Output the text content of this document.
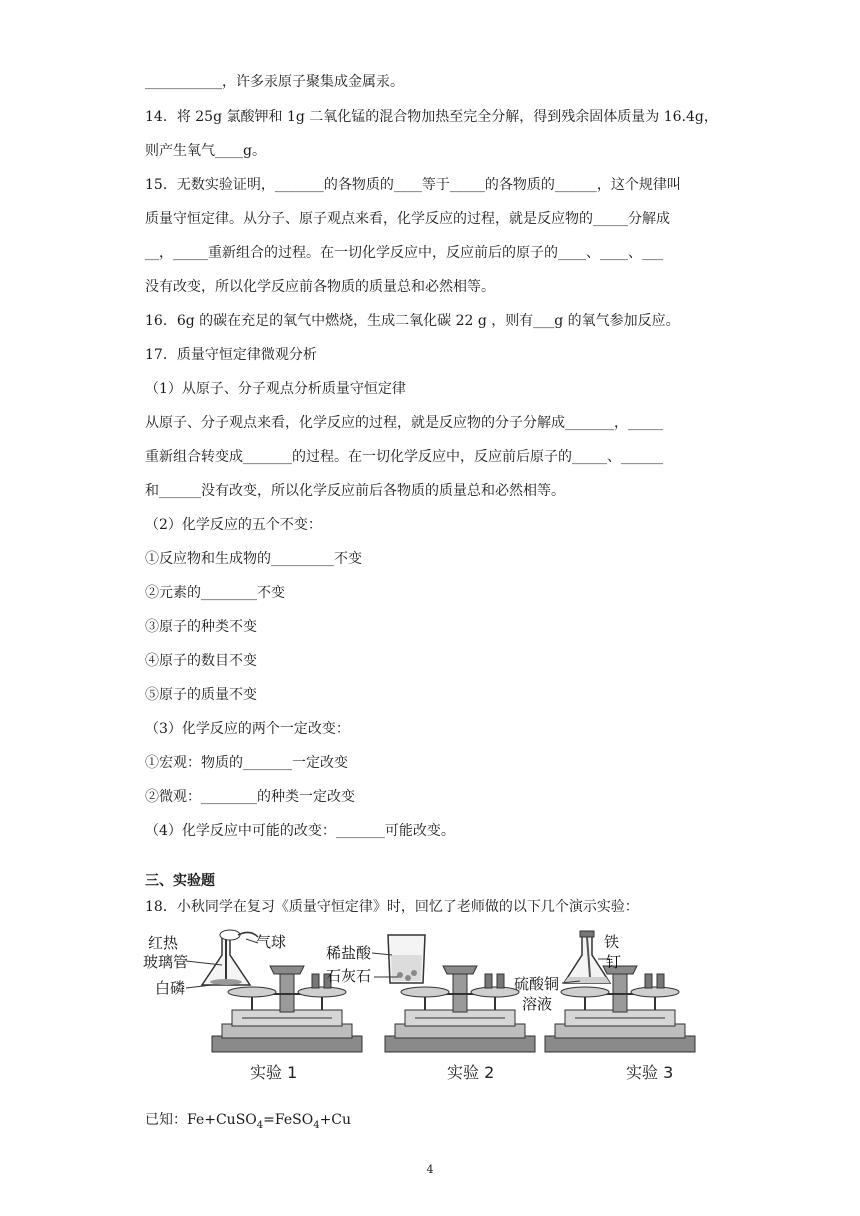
___________，许多汞原子聚集成金属汞。
14．将 25g 氯酸钾和 1g 二氧化锰的混合物加热至完全分解，得到残余固体质量为 16.4g，
则产生氧气____g。
15．无数实验证明，_______的各物质的____等于_____的各物质的______，这个规律叫
质量守恒定律。从分子、原子观点来看，化学反应的过程，就是反应物的_____分解成
__，_____重新组合的过程。在一切化学反应中，反应前后的原子的____、____、___
没有改变，所以化学反应前各物质的质量总和必然相等。
16．6g 的碳在充足的氧气中燃烧，生成二氧化碳 22 g ，则有___g 的氧气参加反应。
17．质量守恒定律微观分析
（1）从原子、分子观点分析质量守恒定律
从原子、分子观点来看，化学反应的过程，就是反应物的分子分解成_______，_____
重新组合转变成_______的过程。在一切化学反应中，反应前后原子的_____、______
和______没有改变，所以化学反应前后各物质的质量总和必然相等。
（2）化学反应的五个不变：
①反应物和生成物的_________不变
②元素的________不变
③原子的种类不变
④原子的数目不变
⑤原子的质量不变
（3）化学反应的两个一定改变：
①宏观：物质的_______一定改变
②微观：________的种类一定改变
（4）化学反应中可能的改变：_______可能改变。
三、实验题
18．小秋同学在复习《质量守恒定律》时，回忆了老师做的以下几个演示实验：
红热
玻璃管
气球
白磷
实验 1
稀盐酸
石灰石
实验 2
铁
钉
硫酸铜
溶液
实验 3
已知：Fe+CuSO$_4$=FeSO$_4$+Cu
4
